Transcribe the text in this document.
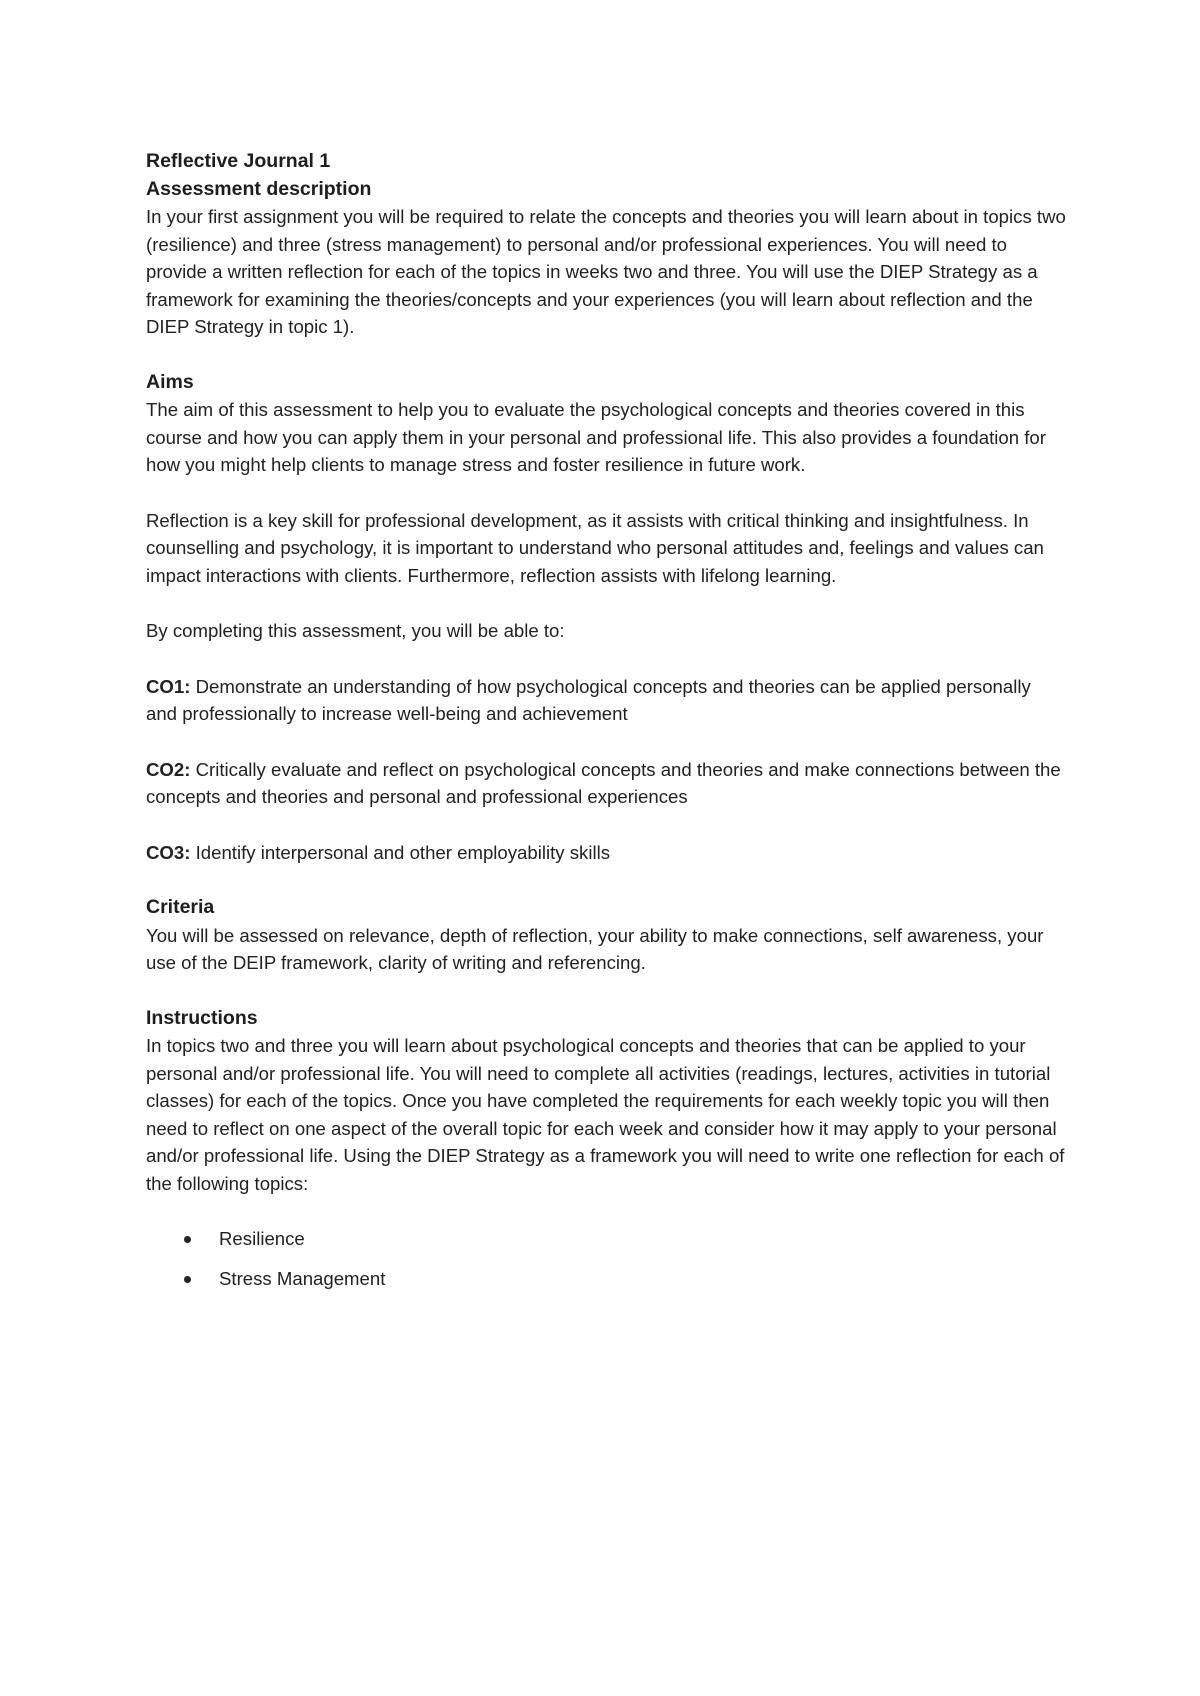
Reflective Journal 1

Assessment description

In your first assignment you will be required to relate the concepts and theories you will learn about in topics two (resilience) and three (stress management) to personal and/or professional experiences. You will need to provide a written reflection for each of the topics in weeks two and three. You will use the DIEP Strategy as a framework for examining the theories/concepts and your experiences (you will learn about reflection and the DIEP Strategy in topic 1).

Aims

The aim of this assessment to help you to evaluate the psychological concepts and theories covered in this course and how you can apply them in your personal and professional life. This also provides a foundation for how you might help clients to manage stress and foster resilience in future work.

Reflection is a key skill for professional development, as it assists with critical thinking and insightfulness. In counselling and psychology, it is important to understand who personal attitudes and, feelings and values can impact interactions with clients. Furthermore, reflection assists with lifelong learning.

By completing this assessment, you will be able to:

CO1: Demonstrate an understanding of how psychological concepts and theories can be applied personally and professionally to increase well-being and achievement

CO2: Critically evaluate and reflect on psychological concepts and theories and make connections between the concepts and theories and personal and professional experiences

CO3: Identify interpersonal and other employability skills

Criteria

You will be assessed on relevance, depth of reflection, your ability to make connections, self awareness, your use of the DEIP framework, clarity of writing and referencing.

Instructions

In topics two and three you will learn about psychological concepts and theories that can be applied to your personal and/or professional life. You will need to complete all activities (readings, lectures, activities in tutorial classes) for each of the topics. Once you have completed the requirements for each weekly topic you will then need to reflect on one aspect of the overall topic for each week and consider how it may apply to your personal and/or professional life. Using the DIEP Strategy as a framework you will need to write one reflection for each of the following topics:

Resilience
Stress Management
